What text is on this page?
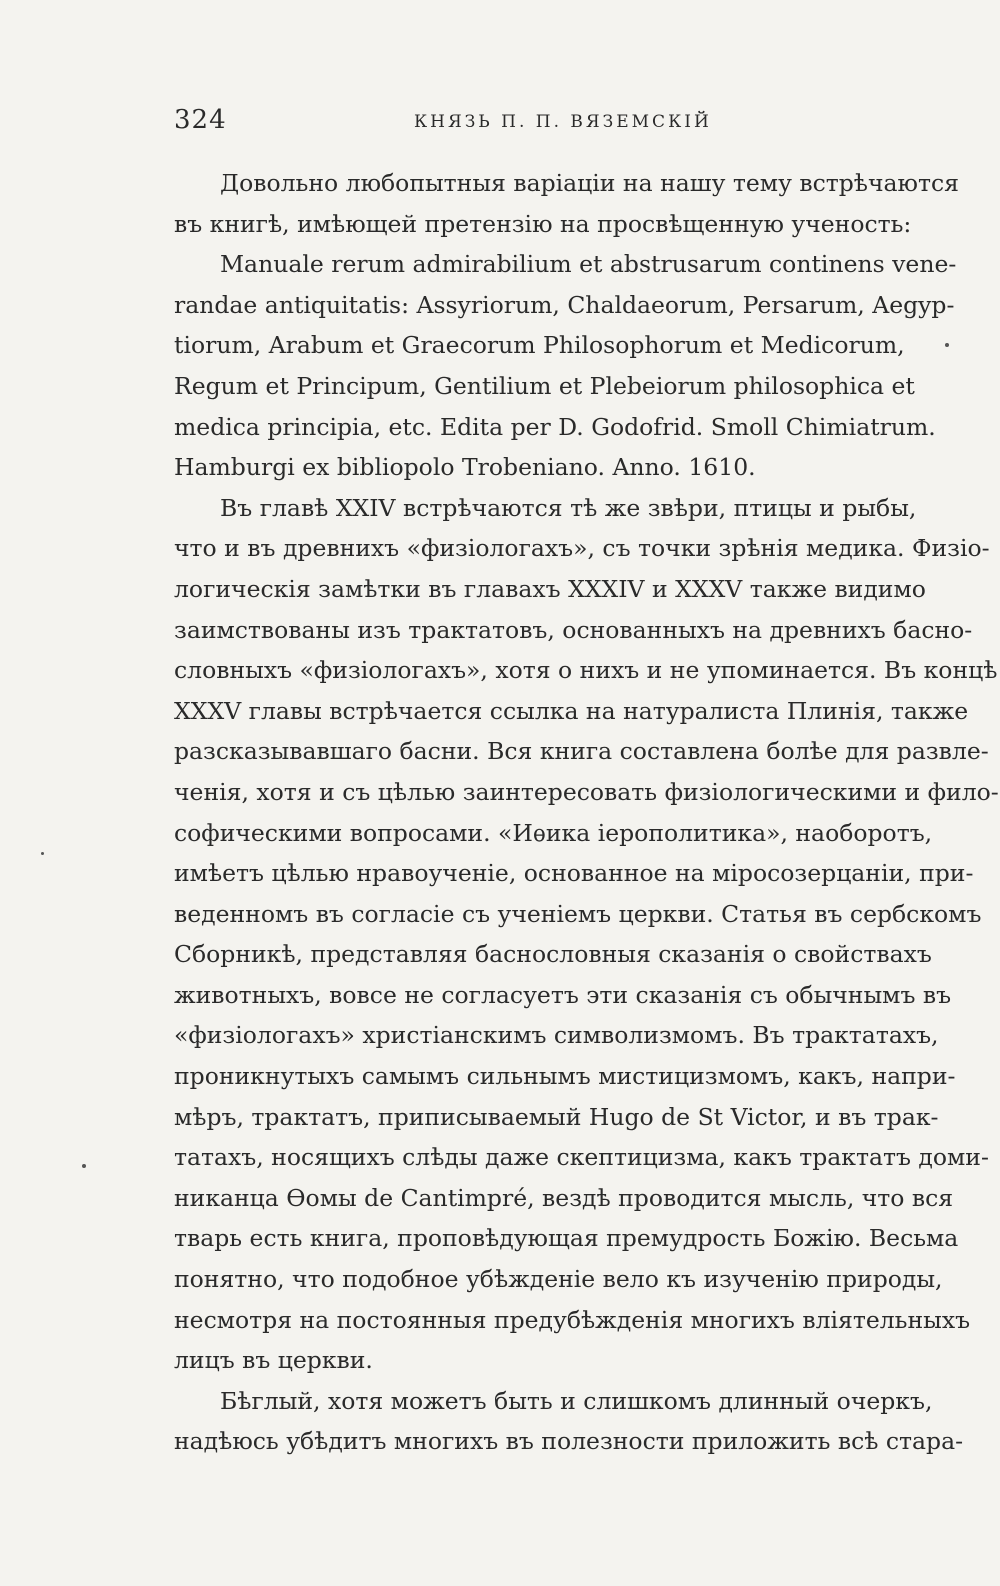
324	КНЯЗЬ П. П. ВЯЗЕМСКІЙ
Довольно любопытныя варіаціи на нашу тему встрѣчаются
въ книгѣ, имѣющей претензію на просвѣщенную ученость:
Manuale rerum admirabilium et abstrusarum continens vene-
randae antiquitatis: Assyriorum, Chaldaeorum, Persarum, Aegyp-
tiorum, Arabum et Graecorum Philosophorum et Medicorum,
Regum et Principum, Gentilium et Plebeiorum philosophica et
medica principia, etc. Edita per D. Godofrid. Smoll Chimiatrum.
Hamburgi ex bibliopolo Trobeniano. Anno. 1610.
Въ главѣ XXIV встрѣчаются тѣ же звѣри, птицы и рыбы,
что и въ древнихъ «физіологахъ», съ точки зрѣнія медика. Физіо-
логическія замѣтки въ главахъ XXXIV и XXXV также видимо
заимствованы изъ трактатовъ, основанныхъ на древнихъ басно-
словныхъ «физіологахъ», хотя о нихъ и не упоминается. Въ концѣ
XXXV главы встрѣчается ссылка на натуралиста Плинія, также
разсказывавшаго басни. Вся книга составлена болѣе для развле-
ченія, хотя и съ цѣлью заинтересовать физіологическими и фило-
софическими вопросами. «Иѳика іерополитика», наоборотъ,
имѣетъ цѣлью нравоученіе, основанное на міросозерцаніи, при-
веденномъ въ согласіе съ ученіемъ церкви. Статья въ сербскомъ
Сборникѣ, представляя баснословныя сказанія о свойствахъ
животныхъ, вовсе не согласуетъ эти сказанія съ обычнымъ въ
«физіологахъ» христіанскимъ символизмомъ. Въ трактатахъ,
проникнутыхъ самымъ сильнымъ мистицизмомъ, какъ, напри-
мѣръ, трактатъ, приписываемый Hugo de St Victor, и въ трак-
татахъ, носящихъ слѣды даже скептицизма, какъ трактатъ доми-
никанца Ѳомы de Cantimpré, вездѣ проводится мысль, что вся
тварь есть книга, проповѣдующая премудрость Божію. Весьма
понятно, что подобное убѣжденіе вело къ изученію природы,
несмотря на постоянныя предубѣжденія многихъ вліятельныхъ
лицъ въ церкви.
Бѣглый, хотя можетъ быть и слишкомъ длинный очеркъ,
надѣюсь убѣдитъ многихъ въ полезности приложить всѣ стара-
